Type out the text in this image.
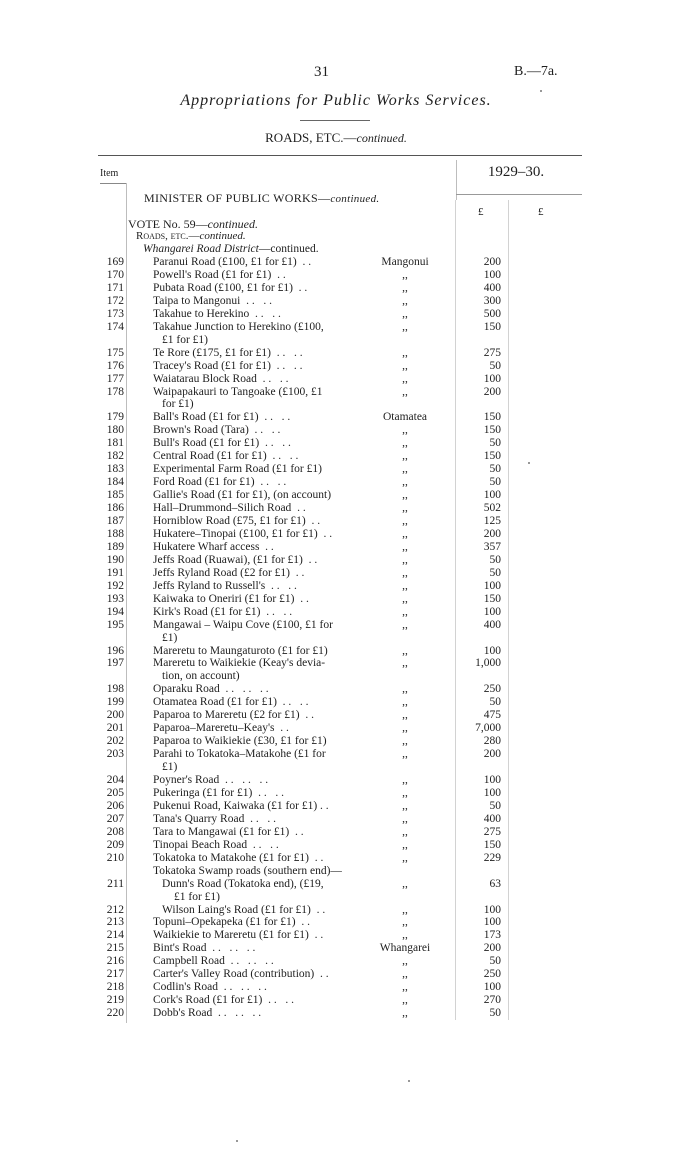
31	B.—7a.
Appropriations for Public Works Services.
ROADS, ETC.—continued.
Item	1929–30.
MINISTER OF PUBLIC WORKS—continued.
£	£
VOTE No. 59—continued.
Roads, etc.—continued.
Whangarei Road District—continued.
169	Paranui Road (£100, £1 for £1)  . .	Mangonui	200
170	Powell's Road (£1 for £1)  . .	,,	100
171	Pubata Road (£100, £1 for £1)  . .	,,	400
172	Taipa to Mangonui  . .   . .	,,	300
173	Takahue to Herekino  . .   . .	,,	500
174	Takahue Junction to Herekino (£100,	,,	150
£1 for £1)
175	Te Rore (£175, £1 for £1)  . .   . .	,,	275
176	Tracey's Road (£1 for £1)  . .   . .	,,	50
177	Waiatarau Block Road  . .   . .	,,	100
178	Waipapakauri to Tangoake (£100, £1	,,	200
for £1)
179	Ball's Road (£1 for £1)  . .   . .	Otamatea	150
180	Brown's Road (Tara)  . .   . .	,,	150
181	Bull's Road (£1 for £1)  . .   . .	,,	50
182	Central Road (£1 for £1)  . .   . .	,,	150
183	Experimental Farm Road (£1 for £1)	,,	50
184	Ford Road (£1 for £1)  . .   . .	,,	50
185	Gallie's Road (£1 for £1), (on account)	,,	100
186	Hall–Drummond–Silich Road  . .	,,	502
187	Horniblow Road (£75, £1 for £1)  . .	,,	125
188	Hukatere–Tinopai (£100, £1 for £1)  . .	,,	200
189	Hukatere Wharf access  . .	,,	357
190	Jeffs Road (Ruawai), (£1 for £1)  . .	,,	50
191	Jeffs Ryland Road (£2 for £1)  . .	,,	50
192	Jeffs Ryland to Russell's  . .   . .	,,	100
193	Kaiwaka to Oneriri (£1 for £1)  . .	,,	150
194	Kirk's Road (£1 for £1)  . .   . .	,,	100
195	Mangawai – Waipu Cove (£100, £1 for	,,	400
£1)
196	Mareretu to Maungaturoto (£1 for £1)	,,	100
197	Mareretu to Waikiekie (Keay's devia-	,,	1,000
tion, on account)
198	Oparaku Road  . .   . .   . .	,,	250
199	Otamatea Road (£1 for £1)  . .   . .	,,	50
200	Paparoa to Mareretu (£2 for £1)  . .	,,	475
201	Paparoa–Mareretu–Keay's  . .	,,	7,000
202	Paparoa to Waikiekie (£30, £1 for £1)	,,	280
203	Parahi to Tokatoka–Matakohe (£1 for	,,	200
£1)
204	Poyner's Road  . .   . .   . .	,,	100
205	Pukeringa (£1 for £1)  . .   . .	,,	100
206	Pukenui Road, Kaiwaka (£1 for £1) . .	,,	50
207	Tana's Quarry Road  . .   . .	,,	400
208	Tara to Mangawai (£1 for £1)  . .	,,	275
209	Tinopai Beach Road  . .   . .	,,	150
210	Tokatoka to Matakohe (£1 for £1)  . .	,,	229
Tokatoka Swamp roads (southern end)—
211	Dunn's Road (Tokatoka end), (£19,	,,	63
£1 for £1)
212	Wilson Laing's Road (£1 for £1)  . .	,,	100
213	Topuni–Opekapeka (£1 for £1)  . .	,,	100
214	Waikiekie to Mareretu (£1 for £1)  . .	,,	173
215	Bint's Road  . .   . .   . .	Whangarei	200
216	Campbell Road  . .   . .   . .	,,	50
217	Carter's Valley Road (contribution)  . .	,,	250
218	Codlin's Road  . .   . .   . .	,,	100
219	Cork's Road (£1 for £1)  . .   . .	,,	270
220	Dobb's Road  . .   . .   . .	,,	50
